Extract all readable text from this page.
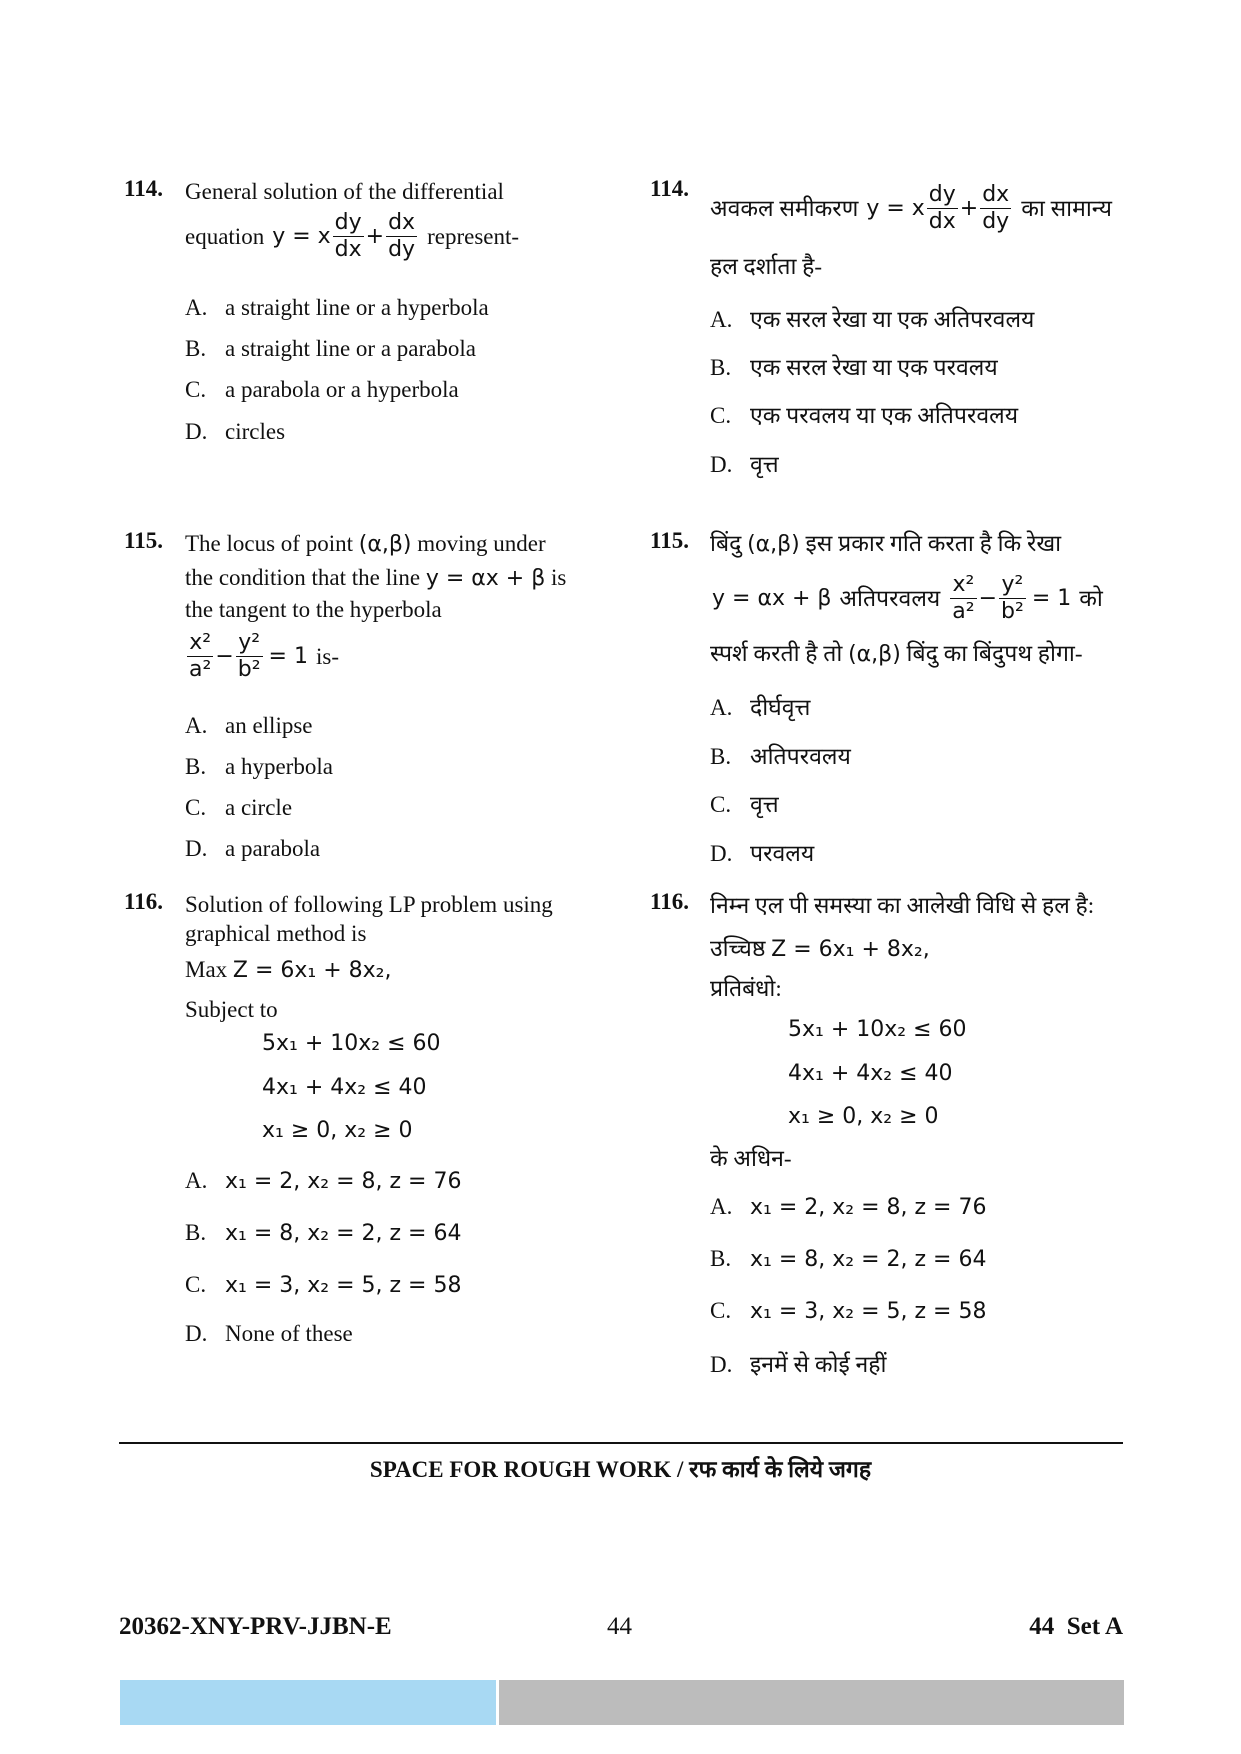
114. General solution of the differential
equation y = x $\frac{dy}{dx} + \frac{dx}{dy}$ represent-
A. a straight line or a hyperbola
B. a straight line or a parabola
C. a parabola or a hyperbola
D. circles
114.
अवकल समीकरण y = x $\frac{dy}{dx} + \frac{dx}{dy}$ का सामान्य
हल दर्शाता है-
A. एक सरल रेखा या एक अतिपरवलय
B. एक सरल रेखा या एक परवलय
C. एक परवलय या एक अतिपरवलय
D. वृत्त
115. The locus of point (α,β) moving under
the condition that the line y = αx + β is
the tangent to the hyperbola
$\frac{\text{x²}}{\text{a²}} - \frac{\text{y²}}{\text{b²}} = 1$ is-
A. an ellipse
B. a hyperbola
C. a circle
D. a parabola
115. बिंदु (α,β) इस प्रकार गति करता है कि रेखा
y = αx + β अतिपरवलय $\frac{\text{x²}}{\text{a²}} - \frac{\text{y²}}{\text{b²}} = 1$ को
स्पर्श करती है तो (α,β) बिंदु का बिंदुपथ होगा-
A. दीर्घवृत्त
B. अतिपरवलय
C. वृत्त
D. परवलय
116. Solution of following LP problem using
graphical method is
Max Z = 6x₁ + 8x₂,
Subject to
5x₁ + 10x₂ ≤ 60
4x₁ + 4x₂ ≤ 40
x₁ ≥ 0, x₂ ≥ 0
A. x₁ = 2, x₂ = 8, z = 76
B. x₁ = 8, x₂ = 2, z = 64
C. x₁ = 3, x₂ = 5, z = 58
D. None of these
116. निम्न एल पी समस्या का आलेखी विधि से हल है:
उच्चिष्ठ Z = 6x₁ + 8x₂,
प्रतिबंधो:
5x₁ + 10x₂ ≤ 60
4x₁ + 4x₂ ≤ 40
x₁ ≥ 0, x₂ ≥ 0
के अधिन-
A. x₁ = 2, x₂ = 8, z = 76
B. x₁ = 8, x₂ = 2, z = 64
C. x₁ = 3, x₂ = 5, z = 58
D. इनमें से कोई नहीं
SPACE FOR ROUGH WORK / रफ कार्य के लिये जगह
20362-XNY-PRV-JJBN-E	44	44  Set A
